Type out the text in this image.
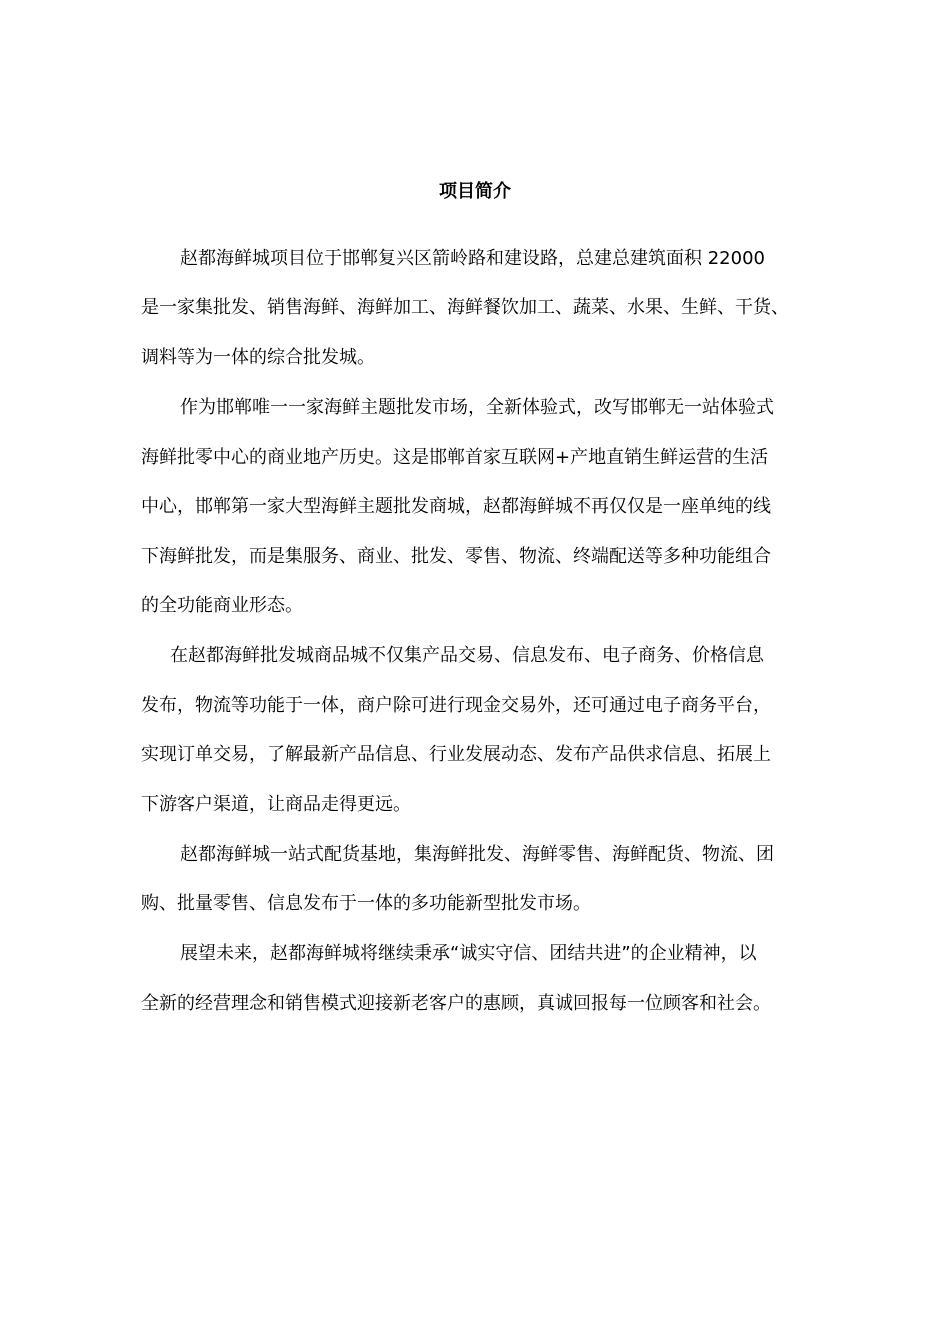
项目简介
赵都海鲜城项目位于邯郸复兴区箭岭路和建设路，总建总建筑面积 22000
是一家集批发、销售海鲜、海鲜加工、海鲜餐饮加工、蔬菜、水果、生鲜、干货、
调料等为一体的综合批发城。
作为邯郸唯一一家海鲜主题批发市场，全新体验式，改写邯郸无一站体验式
海鲜批零中心的商业地产历史。这是邯郸首家互联网+产地直销生鲜运营的生活
中心，邯郸第一家大型海鲜主题批发商城，赵都海鲜城不再仅仅是一座单纯的线
下海鲜批发，而是集服务、商业、批发、零售、物流、终端配送等多种功能组合
的全功能商业形态。
在赵都海鲜批发城商品城不仅集产品交易、信息发布、电子商务、价格信息
发布，物流等功能于一体，商户除可进行现金交易外，还可通过电子商务平台，
实现订单交易，了解最新产品信息、行业发展动态、发布产品供求信息、拓展上
下游客户渠道，让商品走得更远。
赵都海鲜城一站式配货基地，集海鲜批发、海鲜零售、海鲜配货、物流、团
购、批量零售、信息发布于一体的多功能新型批发市场。
展望未来，赵都海鲜城将继续秉承“诚实守信、团结共进”的企业精神，以
全新的经营理念和销售模式迎接新老客户的惠顾，真诚回报每一位顾客和社会。
